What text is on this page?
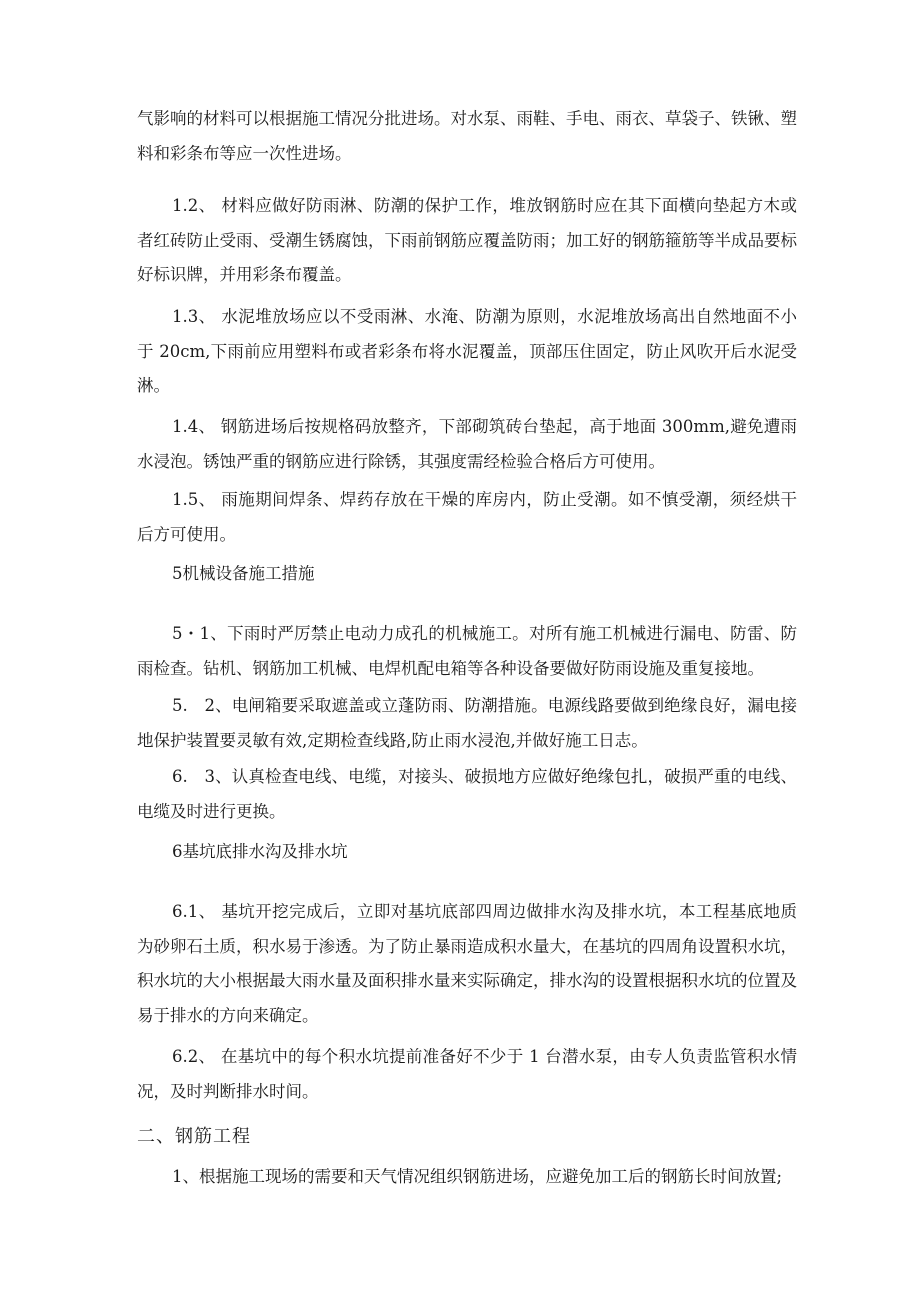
气影响的材料可以根据施工情况分批进场。对水泵、雨鞋、手电、雨衣、草袋子、铁锹、塑料和彩条布等应一次性进场。

1.2、 材料应做好防雨淋、防潮的保护工作，堆放钢筋时应在其下面横向垫起方木或者红砖防止受雨、受潮生锈腐蚀，下雨前钢筋应覆盖防雨；加工好的钢筋箍筋等半成品要标好标识牌，并用彩条布覆盖。

1.3、 水泥堆放场应以不受雨淋、水淹、防潮为原则，水泥堆放场高出自然地面不小于 20cm,下雨前应用塑料布或者彩条布将水泥覆盖，顶部压住固定，防止风吹开后水泥受淋。

1.4、 钢筋进场后按规格码放整齐，下部砌筑砖台垫起，高于地面 300mm,避免遭雨水浸泡。锈蚀严重的钢筋应进行除锈，其强度需经检验合格后方可使用。

1.5、 雨施期间焊条、焊药存放在干燥的库房内，防止受潮。如不慎受潮，须经烘干后方可使用。

5机械设备施工措施

5・1、下雨时严厉禁止电动力成孔的机械施工。对所有施工机械进行漏电、防雷、防雨检查。钻机、钢筋加工机械、电焊机配电箱等各种设备要做好防雨设施及重复接地。

5.　2、电闸箱要采取遮盖或立蓬防雨、防潮措施。电源线路要做到绝缘良好，漏电接地保护装置要灵敏有效,定期检查线路,防止雨水浸泡,并做好施工日志。

6.　3、认真检查电线、电缆，对接头、破损地方应做好绝缘包扎，破损严重的电线、电缆及时进行更换。

6基坑底排水沟及排水坑

6.1、 基坑开挖完成后，立即对基坑底部四周边做排水沟及排水坑，本工程基底地质为砂卵石土质，积水易于渗透。为了防止暴雨造成积水量大，在基坑的四周角设置积水坑，积水坑的大小根据最大雨水量及面积排水量来实际确定，排水沟的设置根据积水坑的位置及易于排水的方向来确定。

6.2、 在基坑中的每个积水坑提前准备好不少于 1 台潜水泵，由专人负责监管积水情况，及时判断排水时间。

二、钢筋工程

1、根据施工现场的需要和天气情况组织钢筋进场，应避免加工后的钢筋长时间放置;
